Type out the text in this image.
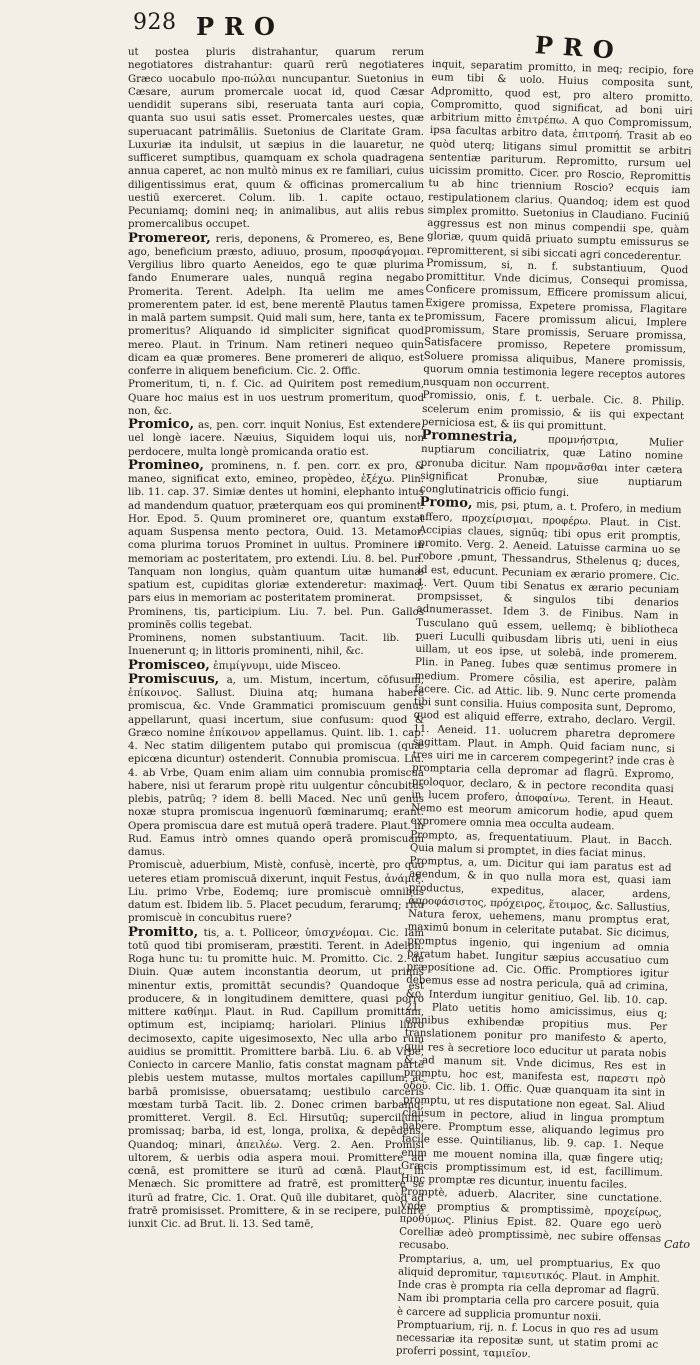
928 PRO
PRO

ut postea pluris distrahantur, quarum rerum negotiatores distrahantur: quarū rerū negotiateres Græco uocabulo προ-πώλαι nuncupantur. Suetonius in Cæsare, aurum promercale uocat id, quod Cæsar uendidit superans sibi, reseruata tanta auri copia, quanta suo usui satis esset. Promercales uestes, quæ superuacant patrimāliis. Suetonius de Claritate Gram. Luxuriæ ita indulsit, ut sæpius in die lauaretur, ne sufficeret sumptibus, quamquam ex schola quadragena annua caperet, ac non multò minus ex re familiari, cuius diligentissimus erat, quum & officinas promercalium uestiū exerceret. Colum. lib. 1. capite octauo, Pecuniamq; domini neq; in animalibus, aut aliis rebus promercalibus occupet.

Promereor, reris, deponens, & Promereo, es, Bene ago, beneficium præsto, adiuuo, prosum, προσφάγομαι. Vergilius libro quarto Aeneidos, ego te quæ plurima fando Enumerare uales, nunquā regina negabo Promerita. Terent. Adelph. Ita uelim me ames promerentem pater. id est, bene merentē Plautus tamen in malā partem sumpsit. Quid mali sum, here, tanta ex te promeritus? Aliquando id simpliciter significat quod mereo. Plaut. in Trinum. Nam retineri nequeo quin dicam ea quæ promeres. Bene promereri de aliquo, est conferre in aliquem beneficium. Cic. 2. Offic.

Promeritum, ti, n. f. Cic. ad Quiritem post remedium, Quare hoc maius est in uos uestrum promeritum, quod non, &c.

Promico, as, pen. corr. inquit Nonius, Est extendere, uel longè iacere. Næuius, Siquidem loqui uis, non perdocere, multa longè promicanda oratio est.

Promineo, prominens, n. f. pen. corr. ex pro, & maneo, significat exto, emineo, propèdeo, ἐξέχω. Plin. lib. 11. cap. 37. Simiæ dentes ut homini, elephanto intus ad mandendum quatuor, præterquam eos qui prominent. Hor. Epod. 5. Quum promineret ore, quantum exstat aquam Suspensa mento pectora, Ouid. 13. Metamor. coma plurima toruos Prominet in uultus. Prominere in memoriam ac posteritatem, pro extendi. Liu. 8. bel. Pun. Tanquam non longius, quàm quantum uitæ humanæ spatium est, cupiditas gloriæ extenderetur: maximaq; pars eius in memoriam ac posteritatem prominerat.

Prominens, tis, participium. Liu. 7. bel. Pun. Gallos prominēs collis tegebat.

Prominens, nomen substantiuum. Tacit. lib. 1. Inuenerunt q; in littoris prominenti, nihil, &c.

Promisceo, ἐπιμίγνυμι, uide Misceo.

Promiscuus, a, um. Mistum, incertum, cōfusum, ἐπίκοινος. Sallust. Diuina atq; humana habere promiscua, &c. Vnde Grammatici promiscuum genus appellarunt, quasi incertum, siue confusum: quod & Græco nomine ἐπίκοινον appellamus. Quint. lib. 1. cap. 4. Nec statim diligentem putabo qui promiscua (quæ epicœna dicuntur) ostenderit. Connubia promiscua. Liu. 4. ab Vrbe, Quam enim aliam uim connubia promiscua habere, nisi ut ferarum propè ritu uulgentur côncubitus plebis, patrūq; ? idem 8. belli Maced. Nec unū genus noxæ stupra promiscua ingenuorū fœminarumq; erant. Opera promiscua dare est mutuā operā tradere. Plaut. in Rud. Eamus intrò omnes quando operā promiscuam damus.

Promiscuè, aduerbium, Mistè, confusè, incertè, pro quo ueteres etiam promiscuā dixerunt, inquit Festus, ἀνάμιξ. Liu. primo Vrbe, Eodemq; iure promiscuè omnibus datum est. Ibidem lib. 5. Placet pecudum, ferarumq; ritu promiscuè in concubitus ruere?

Promitto, tis, a. t. Polliceor, ὑπισχνέομαι. Cic. Iam totū quod tibi promiseram, præstiti. Terent. in Adelph. Roga hunc tu: tu promitte huic. M. Promitto. Cic. 2. de Diuin. Quæ autem inconstantia deorum, ut primis minentur extis, promittāt secundis? Quandoque est producere, & in longitudinem demittere, quasi porrò mittere καθίημι. Plaut. in Rud. Capillum promittam, optimum est, incipiamq; hariolari. Plinius libro decimosexto, capite uigesimosexto, Nec ulla arbo rum auidius se promittit. Promittere barbā. Liu. 6. ab Vrbe, Coniecto in carcere Manlio, fatis constat magnam partē plebis uestem mutasse, multos mortales capillum ac barbā promisisse, obuersatamq; uestibulo carceris mœstam turbā Tacit. lib. 2. Donec crimen barbamq; promitteret. Vergil. 8. Ecl. Hirsutūq; supercilium, promissaq; barba, id est, longa, prolixa, & depēdens. Quandoq; minari, ἀπειλέω. Verg. 2. Aen. Promisi ultorem, & uerbis odia aspera moui. Promittere ad cœnā, est promittere se iturū ad cœnā. Plaut. in Menæch. Sic promittere ad fratrē, est promittere se iturū ad fratre, Cic. 1. Orat. Quū ille dubitaret, quòd ad fratrē promisisset. Promittere, & in se recipere, pulchrè iunxit Cic. ad Brut. li. 13. Sed tamē,

inquit, separatim promitto, in meq; recipio, fore eum tibi & uolo. Huius composita sunt, Adpromitto, quod est, pro altero promitto. Compromitto, quod significat, ad boni uiri arbitrium mitto ἐπιτρέπω. A quo Compromissum, ipsa facultas arbitro data, ἐπιτροπή. Trasit ab eo quòd uterq; litigans simul promittit se arbitri sententiæ pariturum. Repromitto, rursum uel uicissim promitto. Cicer. pro Roscio, Repromittis tu ab hinc triennium Roscio? ecquis iam restipulationem clarius. Quandoq; idem est quod simplex promitto. Suetonius in Claudiano. Fuciniū aggressus est non minus compendii spe, quàm gloriæ, quum quidā priuato sumptu emissurus se repromitterent, si sibi siccati agri concederentur.

Promissum, si, n. f. substantiuum, Quod promittitur. Vnde dicimus, Consequi promissa, Conficere promissum, Efficere promissum alicui, Exigere promissa, Expetere promissa, Flagitare promissum, Facere promissum alicui, Implere promissum, Stare promissis, Seruare promissa, Satisfacere promisso, Repetere promissum, Soluere promissa aliquibus, Manere promissis, quorum omnia testimonia legere receptos autores nusquam non occurrent.

Promissio, onis, f. t. uerbale. Cic. 8. Philip. scelerum enim promissio, & iis qui expectant perniciosa est, & iis qui promittunt.

Promnestria,	προμνήστρια, Mulier nuptiarum conciliatrix, quæ Latino nomine pronuba dicitur. Nam προμνᾶσθαι inter cætera significat Pronubæ, siue nuptiarum conglutinatricis officio fungi.

Promo, mis, psi, ptum, a. t. Profero, in medium affero, προχείρισμαι, προφέρω. Plaut. in Cist. Accipias claues, signūq; tibi opus erit promptis, promito. Verg. 2. Aeneid. Latuisse carmina uo se robore ,pmunt, Thessandrus, Sthelenus q; duces, id est, educunt. Pecuniam ex ærario promere. Cic. 1. Vert. Quum tibi Senatus ex ærario pecuniam prompsisset, & singulos tibi denarios adnumerasset. Idem 3. de Finibus. Nam in Tusculano quū essem, uellemq; è bibliotheca pueri Luculli quibusdam libris uti, ueni in eius uillam, ut eos ipse, ut solebā, inde promerem. Plin. in Paneg. Iubes quæ sentimus promere in medium. Promere cōsilia, est aperire, palàm facere. Cic. ad Attic. lib. 9. Nunc certe promenda tibi sunt consilia. Huius composita sunt, Depromo, quod est aliquid efferre, extraho, declaro. Vergil. 11. Aeneid. 11. uolucrem pharetra depromere sagittam. Plaut. in Amph. Quid faciam nunc, si tres uiri me in carcerem compegerint? inde cras è promptaria cella depromar ad flagrū. Expromo, proloquor, declaro, & in pectore recondita quasi in lucem profero, ἀποφαίνω. Terent. in Heaut. Nemo est meorum amicorum hodie, apud quem expromere omnia mea occulta audeam.

Prompto, as, frequentatiuum. Plaut. in Bacch. Quia malum si promptet, in dies faciat minus.

Promptus, a, um. Dicitur qui iam paratus est ad agendum, & in quo nulla mora est, quasi iam productus, expeditus, alacer, ardens, ἀπροφάσιστος, πρόχειρος, ἕτοιμος, &c. Sallustius, Natura ferox, uehemens, manu promptus erat, maximū bonum in celeritate putabat. Sic dicimus, promptus ingenio, qui ingenium ad omnia paratum habet. Iungitur sæpius accusatiuo cum præpositione ad. Cic. Offic. Promptiores igitur debemus esse ad nostra pericula, quā ad crimina, &c. Interdum iungitur genitiuo, Gel. lib. 10. cap. 21. Plato uetitis homo amicissimus, eius q; omnibus exhibendæ propitius mus. Per translationem ponitur pro manifesto & aperto, quū res à secretiore loco educitur ut parata nobis & ad manum sit. Vnde dicimus, Res est in promptu, hoc est, manifesta est, παρεστι πρὸ ὁδοῦ. Cic. lib. 1. Offic. Quæ quanquam ita sint in promptu, ut res disputatione non egeat. Sal. Aliud clausum in pectore, aliud in lingua promptum habere. Promptum esse, aliquando legimus pro facile esse. Quintilianus, lib. 9. cap. 1. Neque enim me mouent nomina illa, quæ fingere utiq; Græcis promptissimum est, id est, facillimum. Hinc promptæ res dicuntur, inuentu faciles.

Promptè, aduerb. Alacriter, sine cunctatione. Vnde promptius & promptissimè, προχείρως, προθύμως. Plinius Epist. 82. Quare ego uerò Corelliæ adeò promptissimè, nec subire offensas recusabo.

Promptarius, a, um, uel promptuarius, Ex quo aliquid depromitur, ταμιευτικός. Plaut. in Amphit. Inde cras è prompta ria cella depromar ad flagrū. Nam ibi promptaria cella pro carcere posuit, quia è carcere ad supplicia promuntur noxii.

Promptuarium, rij, n. f. Locus in quo res ad usum necessariæ ita repositæ sunt, ut statim promi ac proferri possint, ταμιεῖον.

Cato
